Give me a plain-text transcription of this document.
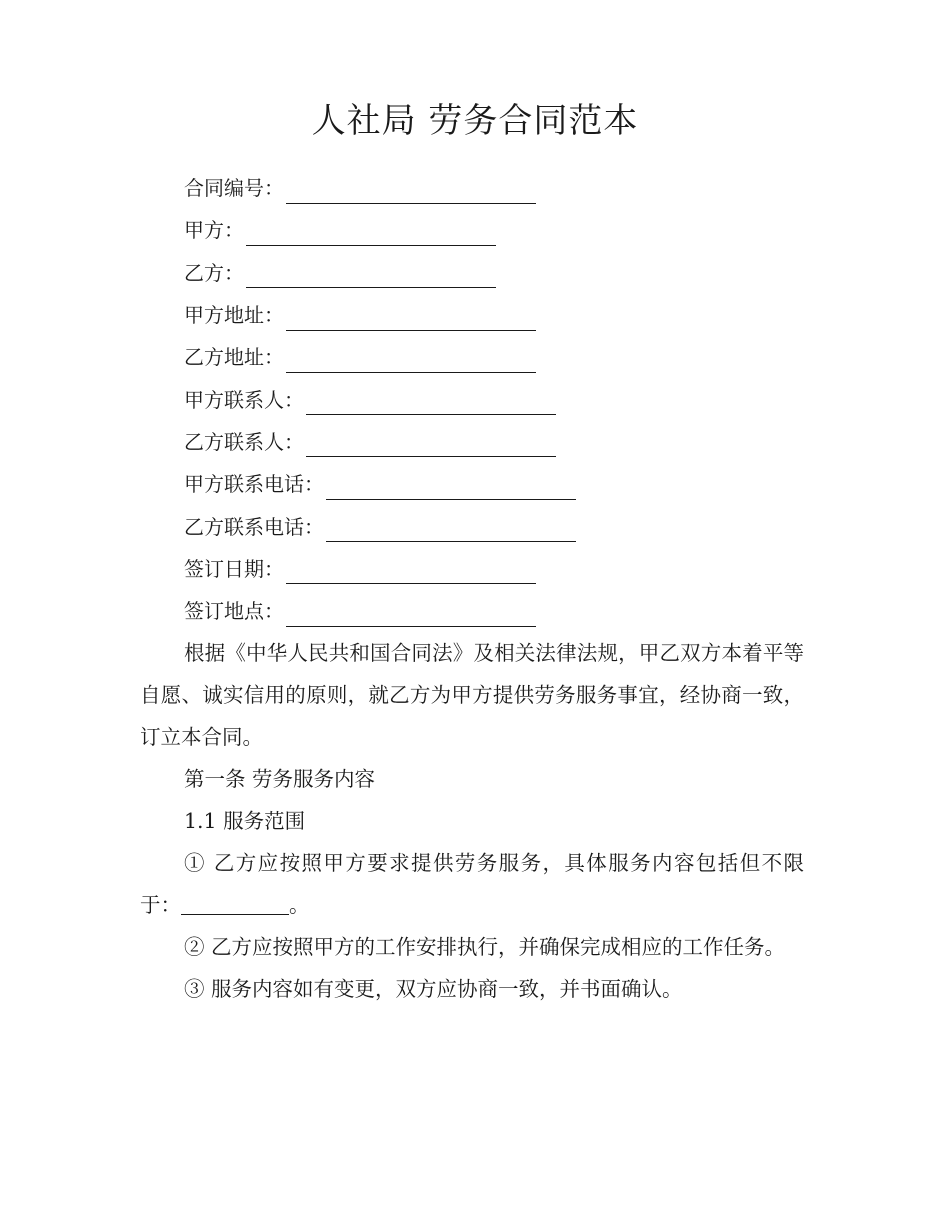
人社局 劳务合同范本
合同编号：
甲方：
乙方：
甲方地址：
乙方地址：
甲方联系人：
乙方联系人：
甲方联系电话：
乙方联系电话：
签订日期：
签订地点：

根据《中华人民共和国合同法》及相关法律法规，甲乙双方本着平等自愿、诚实信用的原则，就乙方为甲方提供劳务服务事宜，经协商一致，订立本合同。

第一条 劳务服务内容

1.1 服务范围

① 乙方应按照甲方要求提供劳务服务，具体服务内容包括但不限于：	。

② 乙方应按照甲方的工作安排执行，并确保完成相应的工作任务。

③ 服务内容如有变更，双方应协商一致，并书面确认。
